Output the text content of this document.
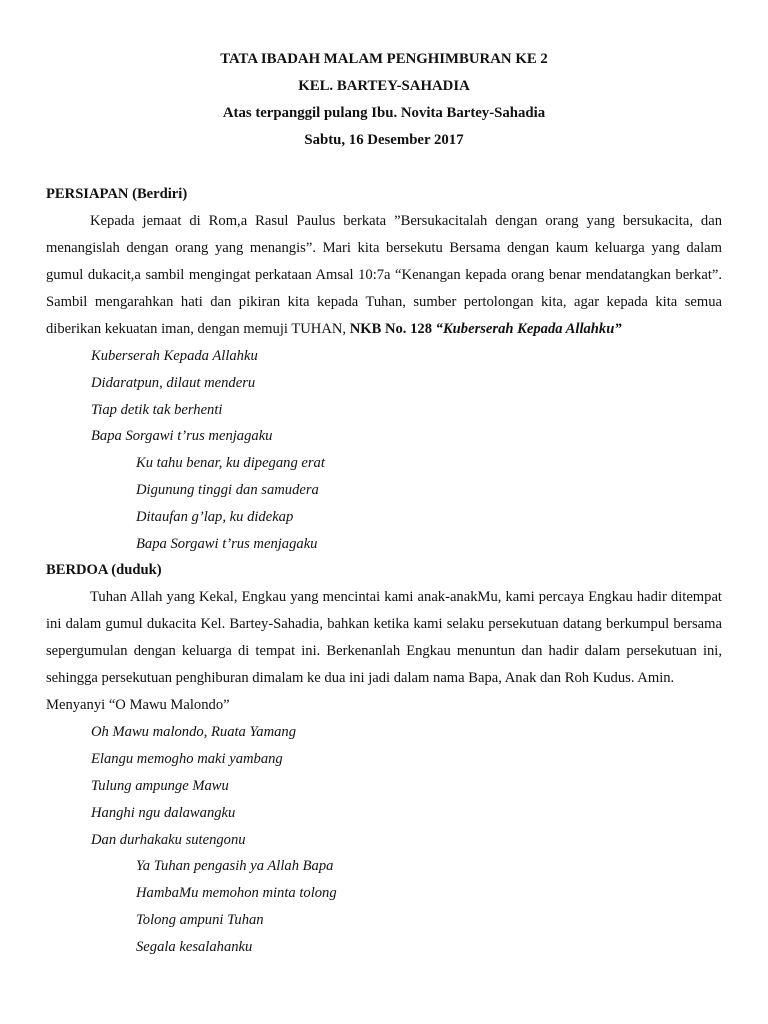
TATA IBADAH MALAM PENGHIMBURAN KE 2
KEL. BARTEY-SAHADIA
Atas terpanggil pulang Ibu. Novita Bartey-Sahadia
Sabtu, 16 Desember 2017

PERSIAPAN (Berdiri)

Kepada jemaat di Rom,a Rasul Paulus berkata ”Bersukacitalah dengan orang yang bersukacita, dan menangislah dengan orang yang menangis”. Mari kita bersekutu Bersama dengan kaum keluarga yang dalam gumul dukacit,a sambil mengingat perkataan Amsal 10:7a “Kenangan kepada orang benar mendatangkan berkat”. Sambil mengarahkan hati dan pikiran kita kepada Tuhan, sumber pertolongan kita, agar kepada kita semua diberikan kekuatan iman, dengan memuji TUHAN, NKB No. 128 “Kuberserah Kepada Allahku”

Kuberserah Kepada Allahku

Didaratpun, dilaut menderu

Tiap detik tak berhenti

Bapa Sorgawi t’rus menjagaku

Ku tahu benar, ku dipegang erat

Digunung tinggi dan samudera

Ditaufan g’lap, ku didekap

Bapa Sorgawi t’rus menjagaku

BERDOA (duduk)

Tuhan Allah yang Kekal, Engkau yang mencintai kami anak-anakMu, kami percaya Engkau hadir ditempat ini dalam gumul dukacita Kel. Bartey-Sahadia, bahkan ketika kami selaku persekutuan datang berkumpul bersama sepergumulan dengan keluarga di tempat ini. Berkenanlah Engkau menuntun dan hadir dalam persekutuan ini, sehingga persekutuan penghiburan dimalam ke dua ini jadi dalam nama Bapa, Anak dan Roh Kudus. Amin.

Menyanyi “O Mawu Malondo”

Oh Mawu malondo, Ruata Yamang

Elangu memogho maki yambang

Tulung ampunge Mawu

Hanghi ngu dalawangku

Dan durhakaku sutengonu

Ya Tuhan pengasih ya Allah Bapa

HambaMu memohon minta tolong

Tolong ampuni Tuhan

Segala kesalahanku
